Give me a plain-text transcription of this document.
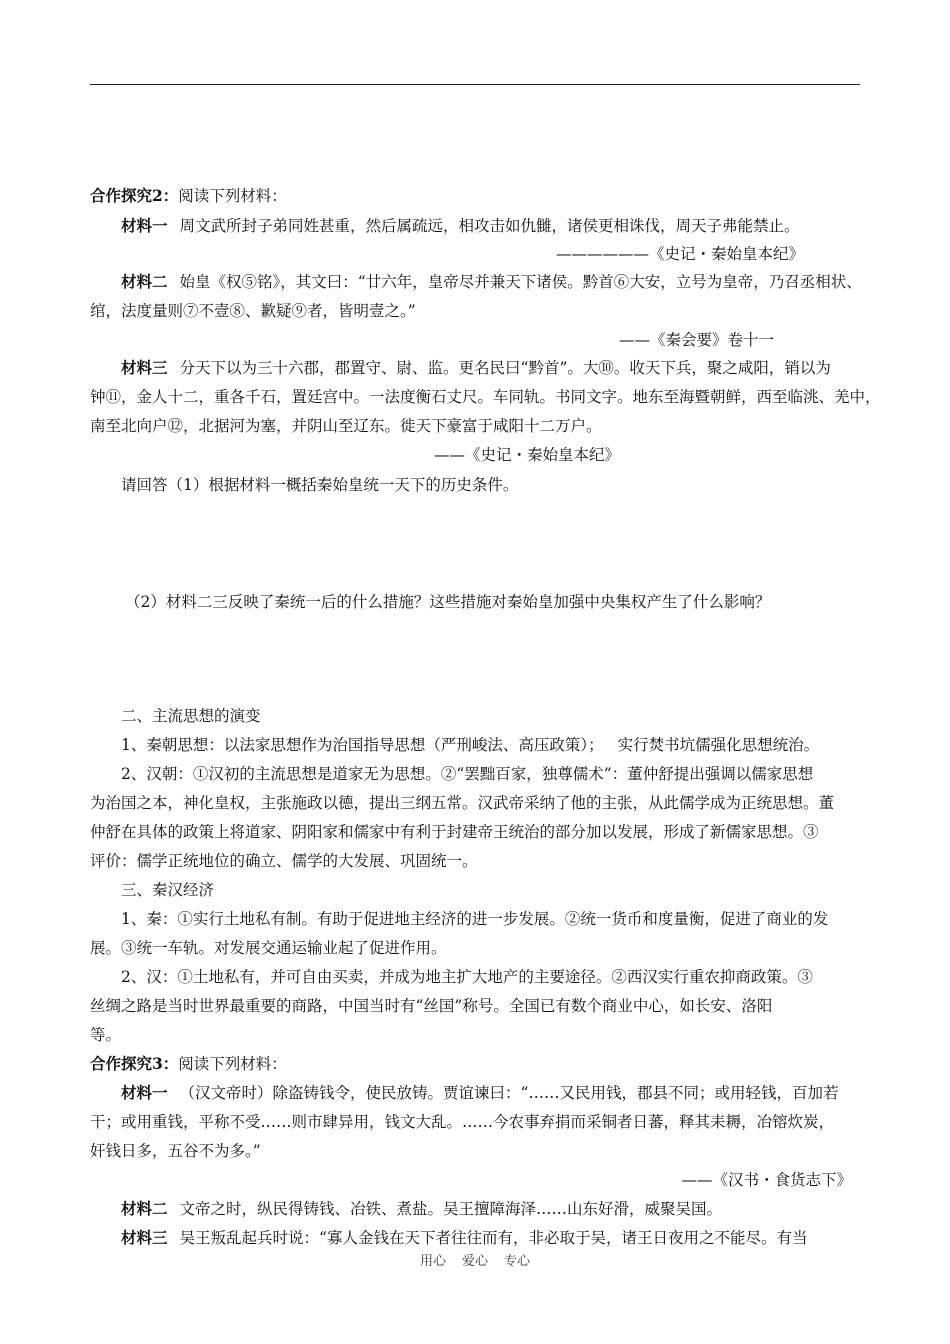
合作探究2：阅读下列材料：
材料一 周文武所封子弟同姓甚重，然后属疏远，相攻击如仇雠，诸侯更相诛伐，周天子弗能禁止。
——————《史记・秦始皇本纪》
材料二 始皇《权⑤铭》，其文曰：“廿六年，皇帝尽并兼天下诸侯。黔首⑥大安，立号为皇帝，乃召丞相状、
绾，法度量则⑦不壹⑧、歉疑⑨者，皆明壹之。”
——《秦会要》卷十一
材料三 分天下以为三十六郡，郡置守、尉、监。更名民曰“黔首”。大⑩。收天下兵，聚之咸阳，销以为
钟⑪，金人十二，重各千石，置廷宫中。一法度衡石丈尺。车同轨。书同文字。地东至海暨朝鲜，西至临洮、羌中，
南至北向户⑫，北据河为塞，并阴山至辽东。徙天下豪富于咸阳十二万户。
——《史记・秦始皇本纪》
请回答（1）根据材料一概括秦始皇统一天下的历史条件。
（2）材料二三反映了秦统一后的什么措施？这些措施对秦始皇加强中央集权产生了什么影响？
二、主流思想的演变
1、秦朝思想：以法家思想作为治国指导思想（严刑峻法、高压政策）； 实行焚书坑儒强化思想统治。
2、汉朝：①汉初的主流思想是道家无为思想。②“罢黜百家，独尊儒术”：董仲舒提出强调以儒家思想
为治国之本，神化皇权，主张施政以德，提出三纲五常。汉武帝采纳了他的主张，从此儒学成为正统思想。董
仲舒在具体的政策上将道家、阴阳家和儒家中有利于封建帝王统治的部分加以发展，形成了新儒家思想。③
评价：儒学正统地位的确立、儒学的大发展、巩固统一。
三、秦汉经济
1、秦：①实行土地私有制。有助于促进地主经济的进一步发展。②统一货币和度量衡，促进了商业的发
展。③统一车轨。对发展交通运输业起了促进作用。
2、汉：①土地私有，并可自由买卖，并成为地主扩大地产的主要途径。②西汉实行重农抑商政策。③
丝绸之路是当时世界最重要的商路，中国当时有“丝国”称号。全国已有数个商业中心，如长安、洛阳
等。
合作探究3：阅读下列材料：
材料一 （汉文帝时）除盗铸钱令，使民放铸。贾谊谏曰：“……又民用钱，郡县不同；或用轻钱，百加若
干；或用重钱，平称不受……则市肆异用，钱文大乱。……今农事弃捐而采铜者日蕃，释其耒耨，冶镕炊炭，
奸钱日多，五谷不为多。”
——《汉书・食货志下》
材料二 文帝之时，纵民得铸钱、冶铁、煮盐。吴王擅障海泽……山东好滑，威聚吴国。
材料三 吴王叛乱起兵时说：“寡人金钱在天下者往往而有，非必取于吴，诸王日夜用之不能尽。有当
用心 爱心 专心
